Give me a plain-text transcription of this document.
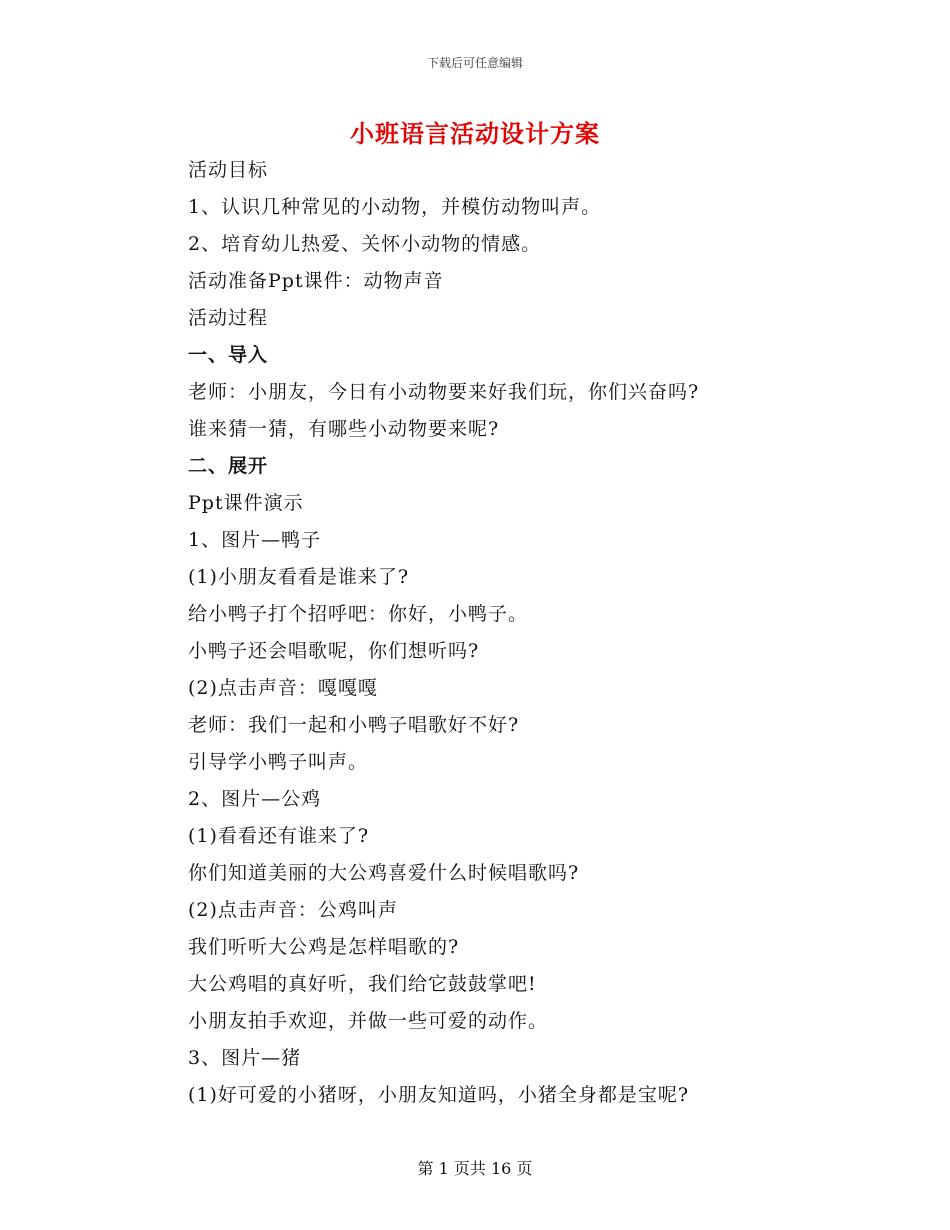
下载后可任意编辑
小班语言活动设计方案
活动目标
1、认识几种常见的小动物，并模仿动物叫声。
2、培育幼儿热爱、关怀小动物的情感。
活动准备Ppt课件：动物声音
活动过程
一、导入
老师：小朋友，今日有小动物要来好我们玩，你们兴奋吗?
谁来猜一猜，有哪些小动物要来呢?
二、展开
Ppt课件演示
1、图片—鸭子
(1)小朋友看看是谁来了?
给小鸭子打个招呼吧：你好，小鸭子。
小鸭子还会唱歌呢，你们想听吗?
(2)点击声音：嘎嘎嘎
老师：我们一起和小鸭子唱歌好不好?
引导学小鸭子叫声。
2、图片—公鸡
(1)看看还有谁来了?
你们知道美丽的大公鸡喜爱什么时候唱歌吗?
(2)点击声音：公鸡叫声
我们听听大公鸡是怎样唱歌的?
大公鸡唱的真好听，我们给它鼓鼓掌吧!
小朋友拍手欢迎，并做一些可爱的动作。
3、图片—猪
(1)好可爱的小猪呀，小朋友知道吗，小猪全身都是宝呢?
第 1 页共 16 页
